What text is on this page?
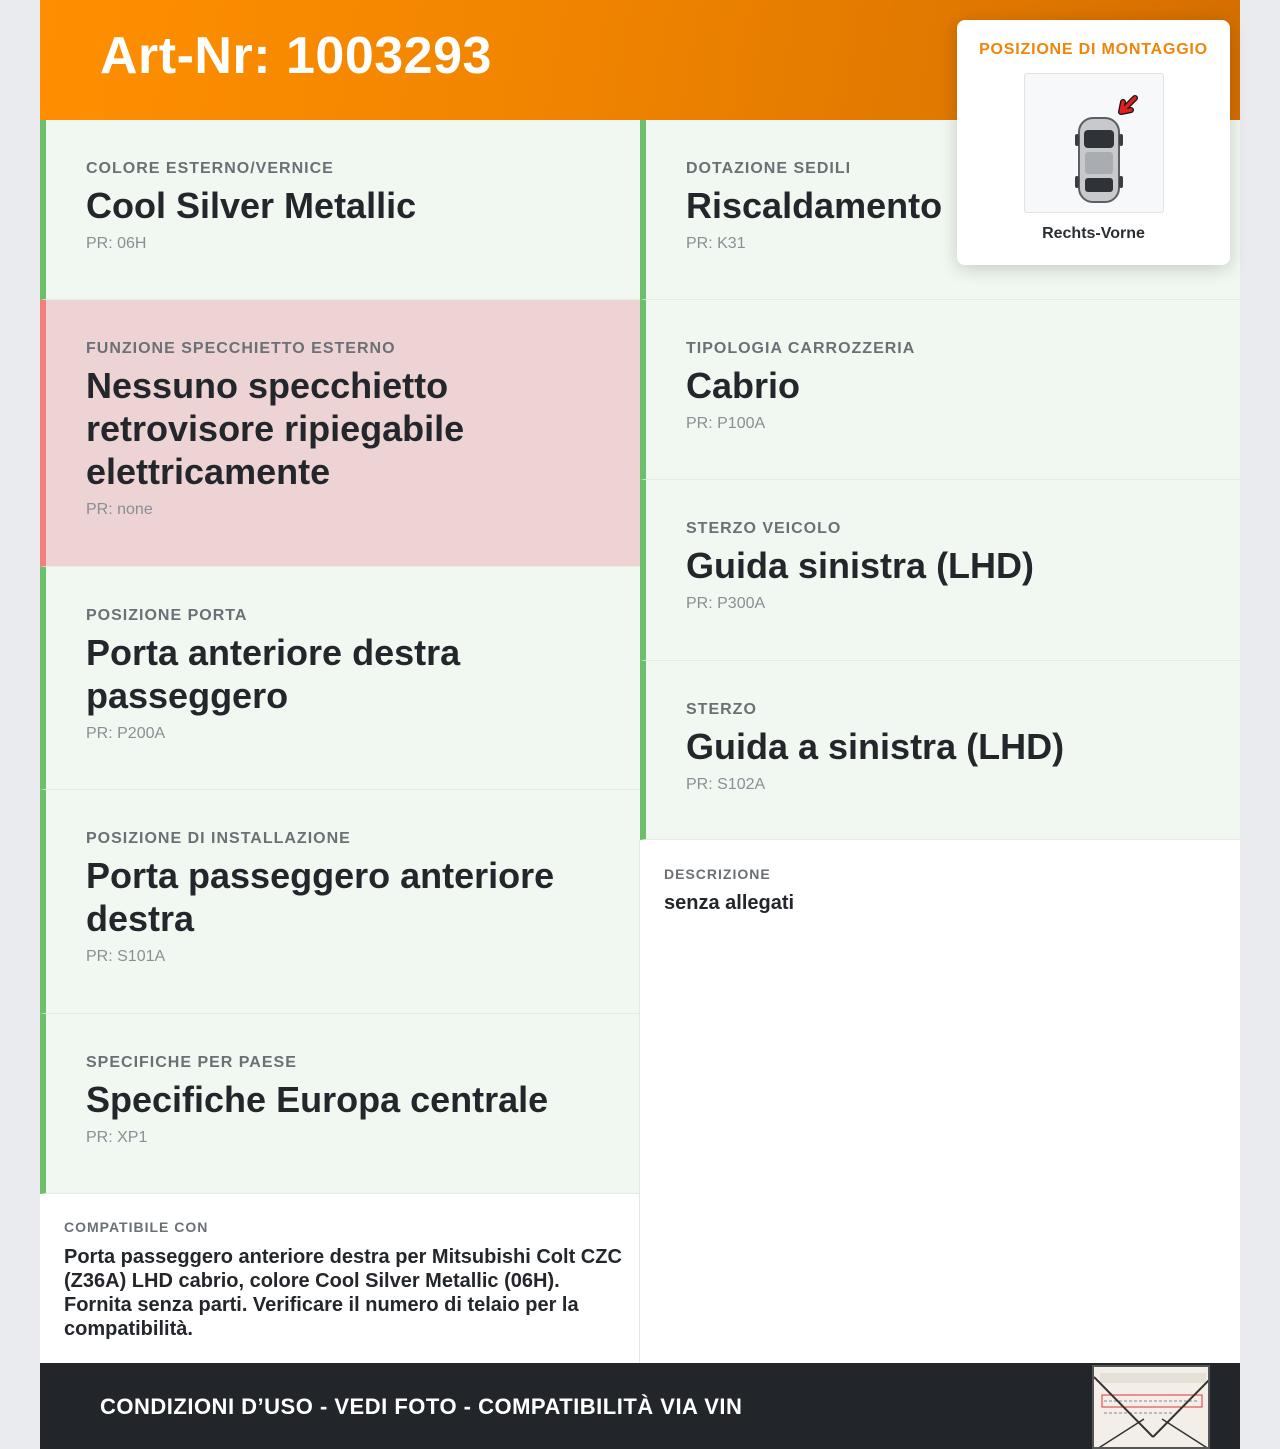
Art-Nr: 1003293
COLORE ESTERNO/VERNICE
Cool Silver Metallic
PR: 06H
FUNZIONE SPECCHIETTO ESTERNO
Nessuno specchietto retrovisore ripiegabile elettricamente
PR: none
POSIZIONE PORTA
Porta anteriore destra passeggero
PR: P200A
POSIZIONE DI INSTALLAZIONE
Porta passeggero anteriore destra
PR: S101A
SPECIFICHE PER PAESE
Specifiche Europa centrale
PR: XP1
DOTAZIONE SEDILI
Riscaldamento
PR: K31
TIPOLOGIA CARROZZERIA
Cabrio
PR: P100A
STERZO VEICOLO
Guida sinistra (LHD)
PR: P300A
STERZO
Guida a sinistra (LHD)
PR: S102A
DESCRIZIONE
senza allegati
COMPATIBILE CON
Porta passeggero anteriore destra per Mitsubishi Colt CZC (Z36A) LHD cabrio, colore Cool Silver Metallic (06H). Fornita senza parti. Verificare il numero di telaio per la compatibilità.
CONDIZIONI D’USO - VEDI FOTO - COMPATIBILITÀ VIA VIN
POSIZIONE DI MONTAGGIO
Rechts-Vorne
